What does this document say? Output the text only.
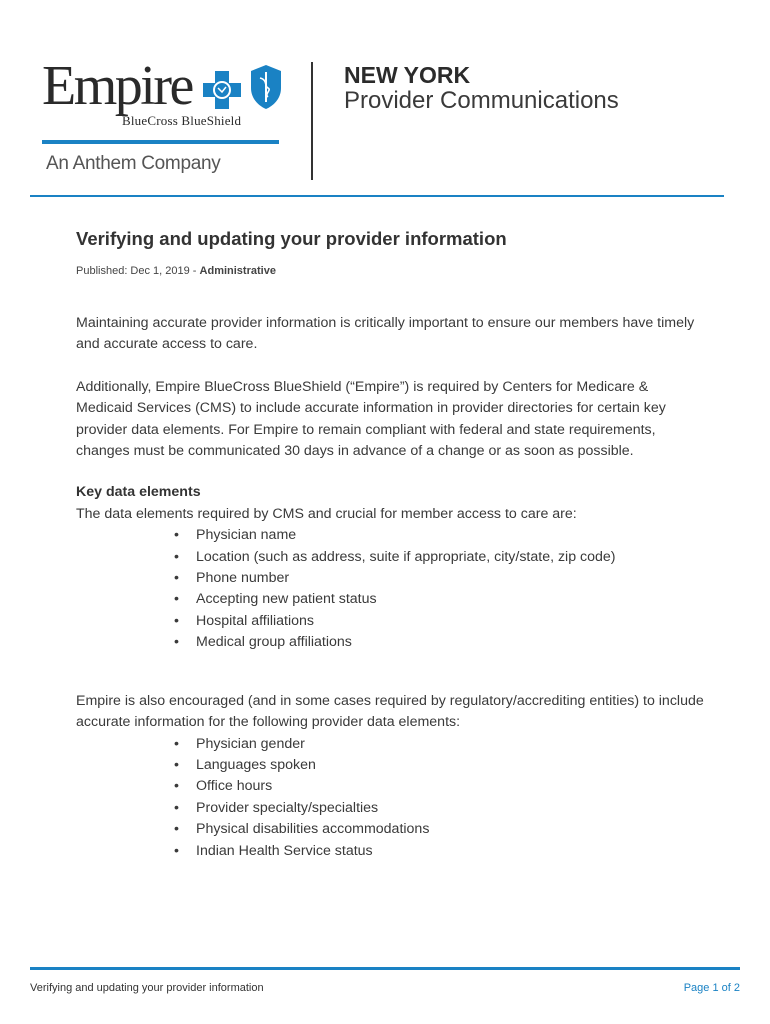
Empire
BlueCross BlueShield
An Anthem Company
NEW YORK
Provider Communications
Verifying and updating your provider information
Published: Dec 1, 2019 - Administrative

Maintaining accurate provider information is critically important to ensure our members have timely and accurate access to care.

Additionally, Empire BlueCross BlueShield (“Empire”) is required by Centers for Medicare & Medicaid Services (CMS) to include accurate information in provider directories for certain key provider data elements. For Empire to remain compliant with federal and state requirements, changes must be communicated 30 days in advance of a change or as soon as possible.

Key data elements
The data elements required by CMS and crucial for member access to care are:
• Physician name
• Location (such as address, suite if appropriate, city/state, zip code)
• Phone number
• Accepting new patient status
• Hospital affiliations
• Medical group affiliations

Empire is also encouraged (and in some cases required by regulatory/accrediting entities) to include accurate information for the following provider data elements:

• Physician gender
• Languages spoken
• Office hours
• Provider specialty/specialties
• Physical disabilities accommodations
• Indian Health Service status
Verifying and updating your provider information	Page 1 of 2
